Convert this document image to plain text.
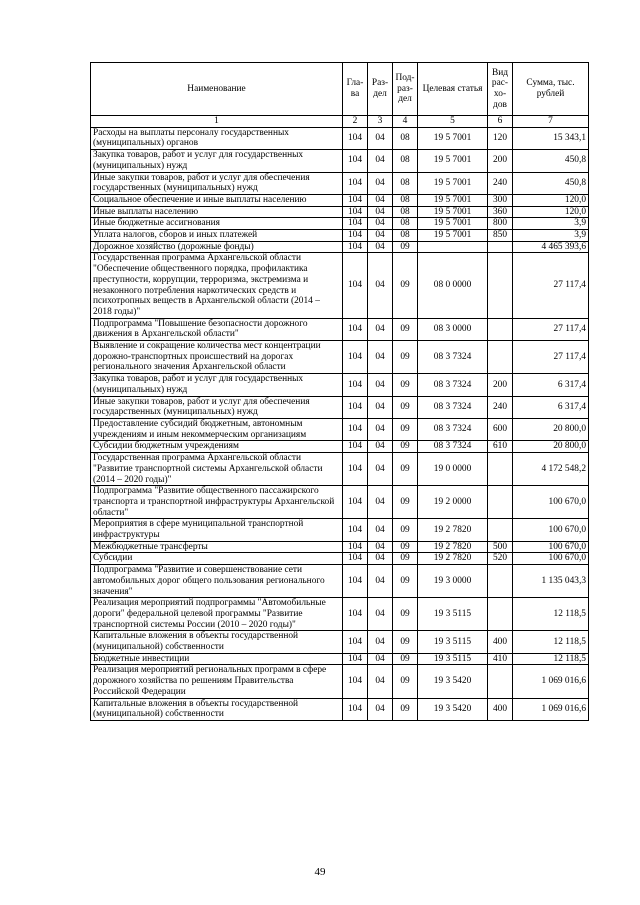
Наименование	Гла-ва	Раз-дел	Под-раз-дел	Целевая статья	Вид рас-хо-дов	Сумма, тыс. рублей
1	2	3	4	5	6	7
Расходы на выплаты персоналу государственных (муниципальных) органов	104	04	08	19 5 7001	120	15 343,1
Закупка товаров, работ и услуг для государственных (муниципальных) нужд	104	04	08	19 5 7001	200	450,8
Иные закупки товаров, работ и услуг для обеспечения государственных (муниципальных) нужд	104	04	08	19 5 7001	240	450,8
Социальное обеспечение и иные выплаты населению	104	04	08	19 5 7001	300	120,0
Иные выплаты населению	104	04	08	19 5 7001	360	120,0
Иные бюджетные ассигнования	104	04	08	19 5 7001	800	3,9
Уплата налогов, сборов и иных платежей	104	04	08	19 5 7001	850	3,9
Дорожное хозяйство (дорожные фонды)	104	04	09			4 465 393,6
Государственная программа Архангельской области "Обеспечение общественного порядка, профилактика преступности, коррупции, терроризма, экстремизма и незаконного потребления наркотических средств и психотропных веществ в Архангельской области (2014 – 2018 годы)"	104	04	09	08 0 0000		27 117,4
Подпрограмма "Повышение безопасности дорожного движения в Архангельской области"	104	04	09	08 3 0000		27 117,4
Выявление и сокращение количества мест концентрации дорожно-транспортных происшествий на дорогах регионального значения Архангельской области	104	04	09	08 3 7324		27 117,4
Закупка товаров, работ и услуг для государственных (муниципальных) нужд	104	04	09	08 3 7324	200	6 317,4
Иные закупки товаров, работ и услуг для обеспечения государственных (муниципальных) нужд	104	04	09	08 3 7324	240	6 317,4
Предоставление субсидий бюджетным, автономным учреждениям и иным некоммерческим организациям	104	04	09	08 3 7324	600	20 800,0
Субсидии бюджетным учреждениям	104	04	09	08 3 7324	610	20 800,0
Государственная программа Архангельской области "Развитие транспортной системы Архангельской области (2014 – 2020 годы)"	104	04	09	19 0 0000		4 172 548,2
Подпрограмма "Развитие общественного пассажирского транспорта и транспортной инфраструктуры Архангельской области"	104	04	09	19 2 0000		100 670,0
Мероприятия в сфере муниципальной транспортной инфраструктуры	104	04	09	19 2 7820		100 670,0
Межбюджетные трансферты	104	04	09	19 2 7820	500	100 670,0
Субсидии	104	04	09	19 2 7820	520	100 670,0
Подпрограмма "Развитие и совершенствование сети автомобильных дорог общего пользования регионального значения"	104	04	09	19 3 0000		1 135 043,3
Реализация мероприятий подпрограммы "Автомобильные дороги" федеральной целевой программы "Развитие транспортной системы России (2010 – 2020 годы)"	104	04	09	19 3 5115		12 118,5
Капитальные вложения в объекты государственной (муниципальной) собственности	104	04	09	19 3 5115	400	12 118,5
Бюджетные инвестиции	104	04	09	19 3 5115	410	12 118,5
Реализация мероприятий региональных программ в сфере дорожного хозяйства по решениям Правительства Российской Федерации	104	04	09	19 3 5420		1 069 016,6
Капитальные вложения в объекты государственной (муниципальной) собственности	104	04	09	19 3 5420	400	1 069 016,6
49
